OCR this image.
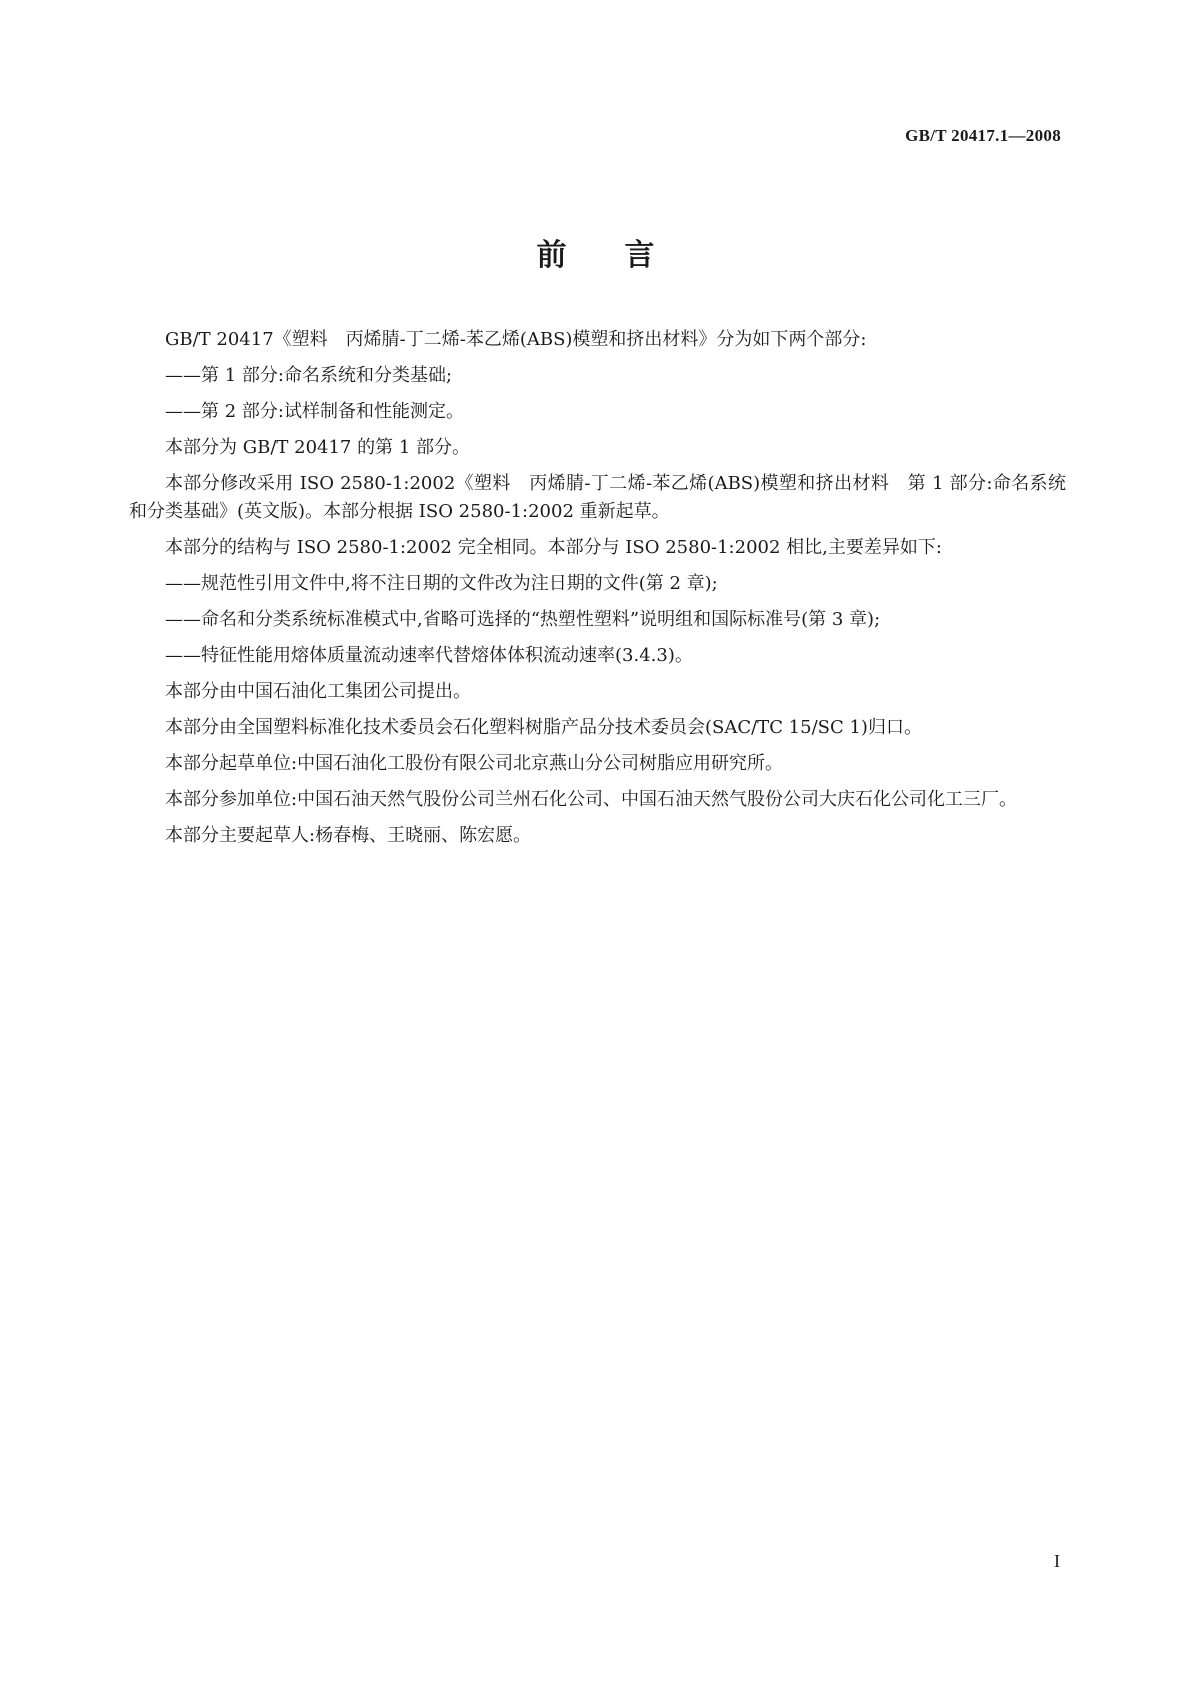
GB/T 20417.1—2008
前言

GB/T 20417《塑料　丙烯腈-丁二烯-苯乙烯(ABS)模塑和挤出材料》分为如下两个部分:

——第 1 部分:命名系统和分类基础;

——第 2 部分:试样制备和性能测定。

本部分为 GB/T 20417 的第 1 部分。

本部分修改采用 ISO 2580-1:2002《塑料　丙烯腈-丁二烯-苯乙烯(ABS)模塑和挤出材料　第 1 部分:命名系统和分类基础》(英文版)。本部分根据 ISO 2580-1:2002 重新起草。

本部分的结构与 ISO 2580-1:2002 完全相同。本部分与 ISO 2580-1:2002 相比,主要差异如下:

——规范性引用文件中,将不注日期的文件改为注日期的文件(第 2 章);

——命名和分类系统标准模式中,省略可选择的“热塑性塑料”说明组和国际标准号(第 3 章);

——特征性能用熔体质量流动速率代替熔体体积流动速率(3.4.3)。

本部分由中国石油化工集团公司提出。

本部分由全国塑料标准化技术委员会石化塑料树脂产品分技术委员会(SAC/TC 15/SC 1)归口。

本部分起草单位:中国石油化工股份有限公司北京燕山分公司树脂应用研究所。

本部分参加单位:中国石油天然气股份公司兰州石化公司、中国石油天然气股份公司大庆石化公司化工三厂。

本部分主要起草人:杨春梅、王晓丽、陈宏愿。

I
